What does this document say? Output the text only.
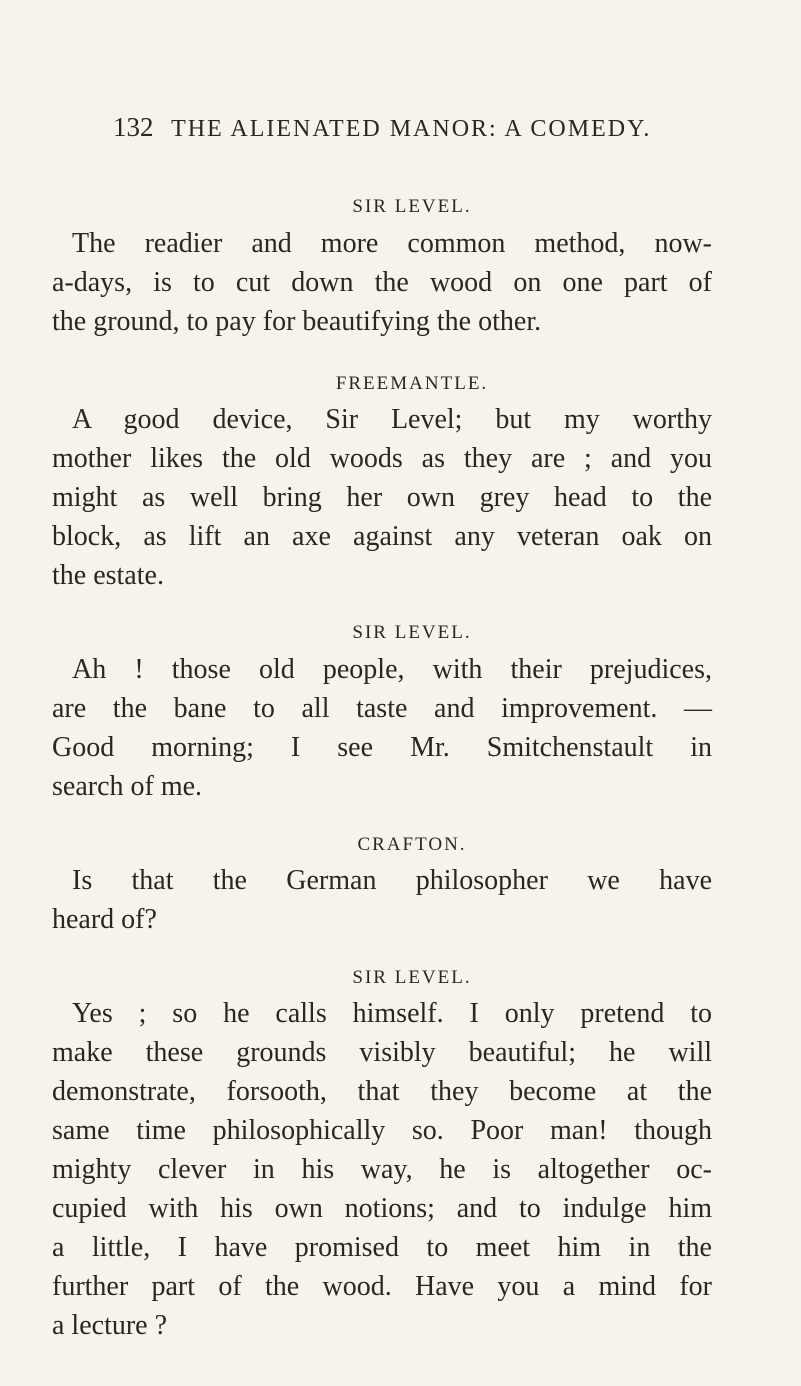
132 THE ALIENATED MANOR: A COMEDY.
SIR LEVEL.
The readier and more common method, now-
a-days, is to cut down the wood on one part of
the ground, to pay for beautifying the other.
FREEMANTLE.
A good device, Sir Level; but my worthy
mother likes the old woods as they are ; and you
might as well bring her own grey head to the
block, as lift an axe against any veteran oak on
the estate.
SIR LEVEL.
Ah ! those old people, with their prejudices,
are the bane to all taste and improvement. —
Good morning; I see Mr. Smitchenstault in
search of me.
CRAFTON.
Is that the German philosopher we have
heard of?
SIR LEVEL.
Yes ; so he calls himself. I only pretend to
make these grounds visibly beautiful; he will
demonstrate, forsooth, that they become at the
same time philosophically so. Poor man! though
mighty clever in his way, he is altogether oc-
cupied with his own notions; and to indulge him
a little, I have promised to meet him in the
further part of the wood. Have you a mind for
a lecture ?
